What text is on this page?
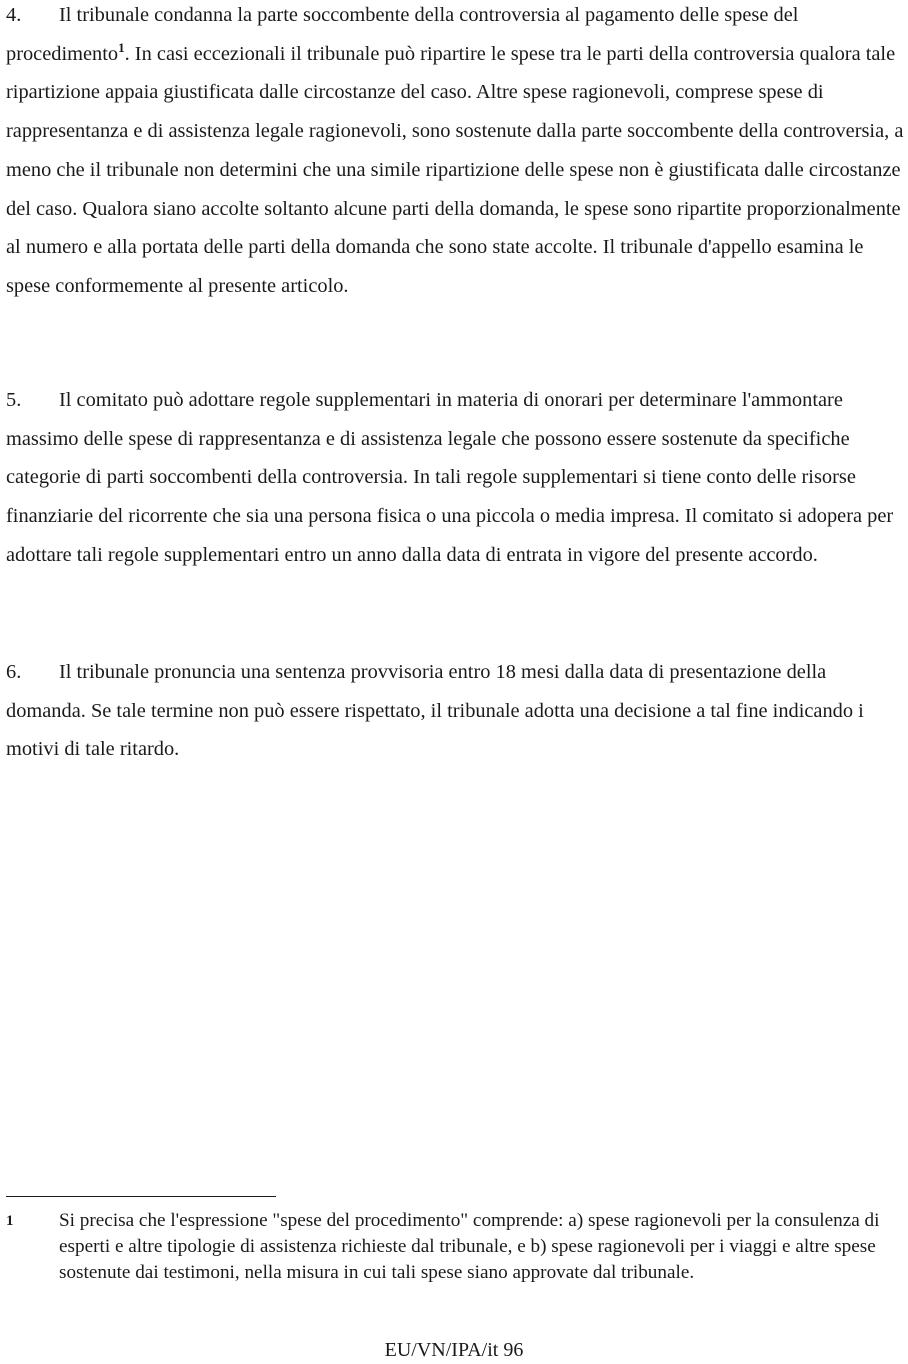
4. Il tribunale condanna la parte soccombente della controversia al pagamento delle spese del procedimento$^1$. In casi eccezionali il tribunale può ripartire le spese tra le parti della controversia qualora tale ripartizione appaia giustificata dalle circostanze del caso. Altre spese ragionevoli, comprese spese di rappresentanza e di assistenza legale ragionevoli, sono sostenute dalla parte soccombente della controversia, a meno che il tribunale non determini che una simile ripartizione delle spese non è giustificata dalle circostanze del caso. Qualora siano accolte soltanto alcune parti della domanda, le spese sono ripartite proporzionalmente al numero e alla portata delle parti della domanda che sono state accolte. Il tribunale d'appello esamina le spese conformemente al presente articolo.

5. Il comitato può adottare regole supplementari in materia di onorari per determinare l'ammontare massimo delle spese di rappresentanza e di assistenza legale che possono essere sostenute da specifiche categorie di parti soccombenti della controversia. In tali regole supplementari si tiene conto delle risorse finanziarie del ricorrente che sia una persona fisica o una piccola o media impresa. Il comitato si adopera per adottare tali regole supplementari entro un anno dalla data di entrata in vigore del presente accordo.

6. Il tribunale pronuncia una sentenza provvisoria entro 18 mesi dalla data di presentazione della domanda. Se tale termine non può essere rispettato, il tribunale adotta una decisione a tal fine indicando i motivi di tale ritardo.

1 Si precisa che l'espressione "spese del procedimento" comprende: a) spese ragionevoli per la consulenza di esperti e altre tipologie di assistenza richieste dal tribunale, e b) spese ragionevoli per i viaggi e altre spese sostenute dai testimoni, nella misura in cui tali spese siano approvate dal tribunale.
EU/VN/IPA/it 96
